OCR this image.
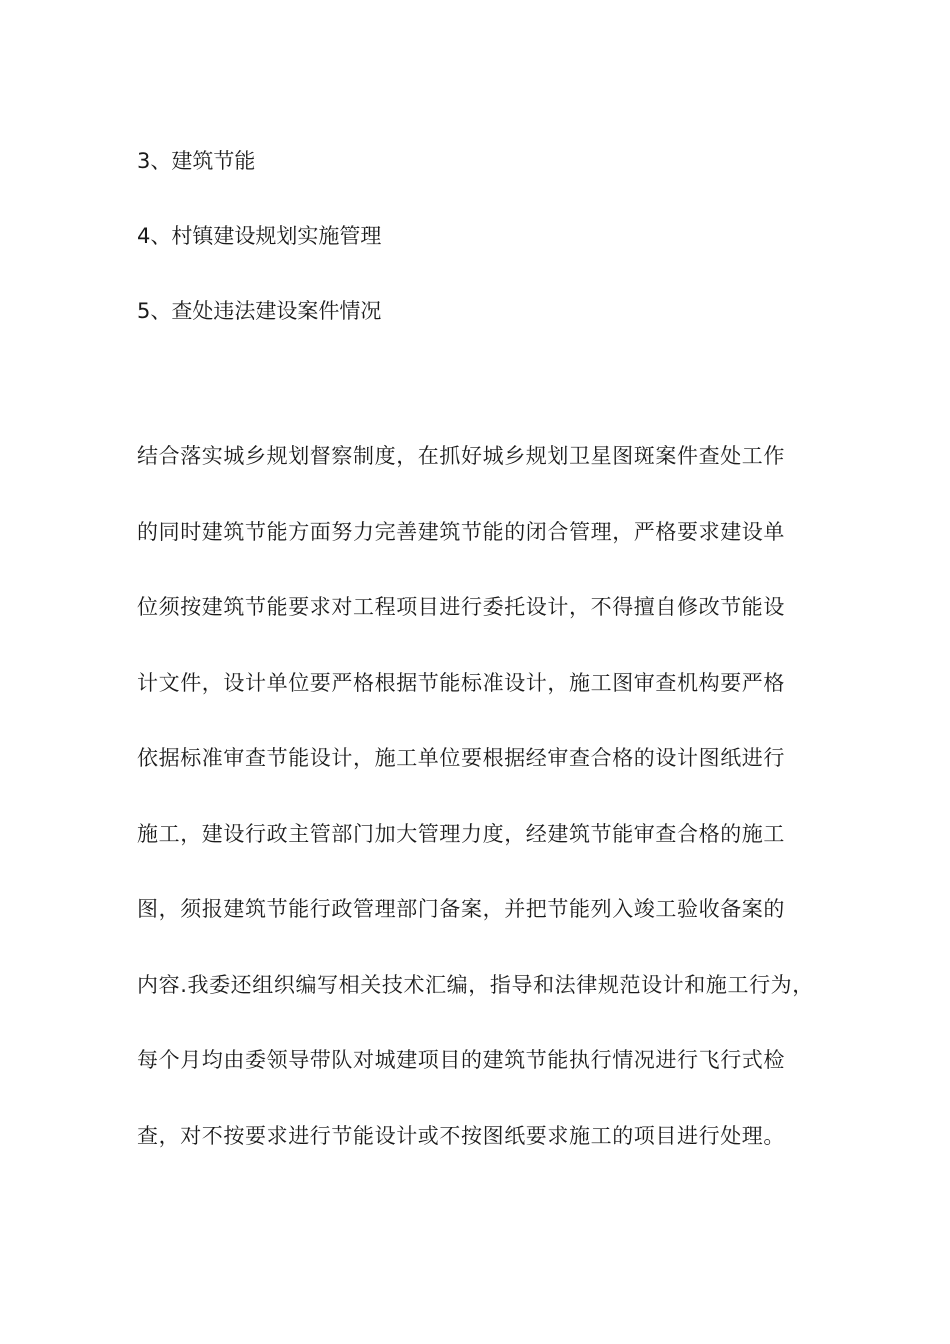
3、建筑节能
4、村镇建设规划实施管理
5、查处违法建设案件情况
结合落实城乡规划督察制度，在抓好城乡规划卫星图斑案件查处工作
的同时建筑节能方面努力完善建筑节能的闭合管理，严格要求建设单
位须按建筑节能要求对工程项目进行委托设计，不得擅自修改节能设
计文件，设计单位要严格根据节能标准设计，施工图审查机构要严格
依据标准审查节能设计，施工单位要根据经审查合格的设计图纸进行
施工，建设行政主管部门加大管理力度，经建筑节能审查合格的施工
图，须报建筑节能行政管理部门备案，并把节能列入竣工验收备案的
内容.我委还组织编写相关技术汇编，指导和法律规范设计和施工行为，
每个月均由委领导带队对城建项目的建筑节能执行情况进行飞行式检
查，对不按要求进行节能设计或不按图纸要求施工的项目进行处理。
